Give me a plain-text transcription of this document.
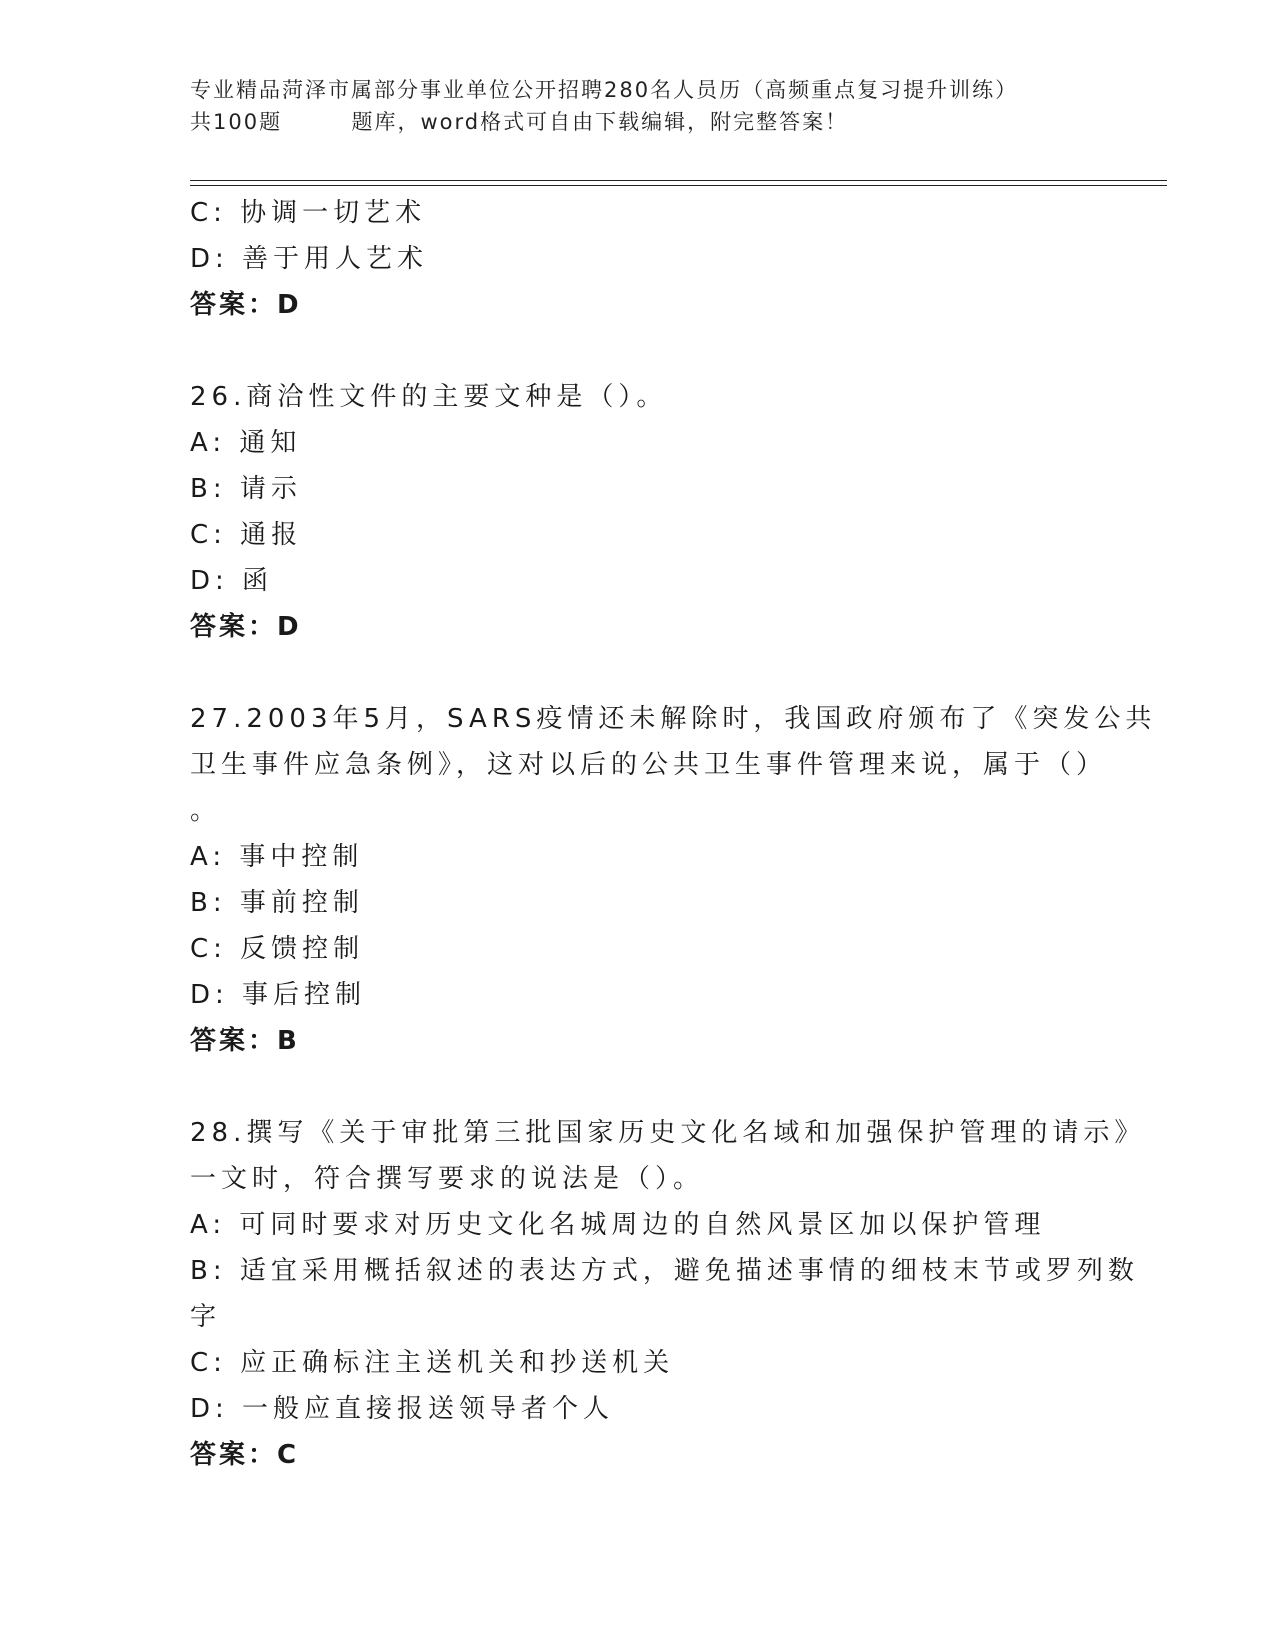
专业精品菏泽市属部分事业单位公开招聘280名人员历（高频重点复习提升训练）
共100题        题库，word格式可自由下载编辑，附完整答案！
C: 协调一切艺术
D: 善于用人艺术
答案：D
26.商洽性文件的主要文种是（）。
A: 通知
B: 请示
C: 通报
D: 函
答案：D
27.2003年5月，SARS疫情还未解除时，我国政府颁布了《突发公共
卫生事件应急条例》，这对以后的公共卫生事件管理来说，属于（）
。
A: 事中控制
B: 事前控制
C: 反馈控制
D: 事后控制
答案：B
28.撰写《关于审批第三批国家历史文化名域和加强保护管理的请示》
一文时，符合撰写要求的说法是（）。
A: 可同时要求对历史文化名城周边的自然风景区加以保护管理
B: 适宜采用概括叙述的表达方式，避免描述事情的细枝末节或罗列数
字
C: 应正确标注主送机关和抄送机关
D: 一般应直接报送领导者个人
答案：C
